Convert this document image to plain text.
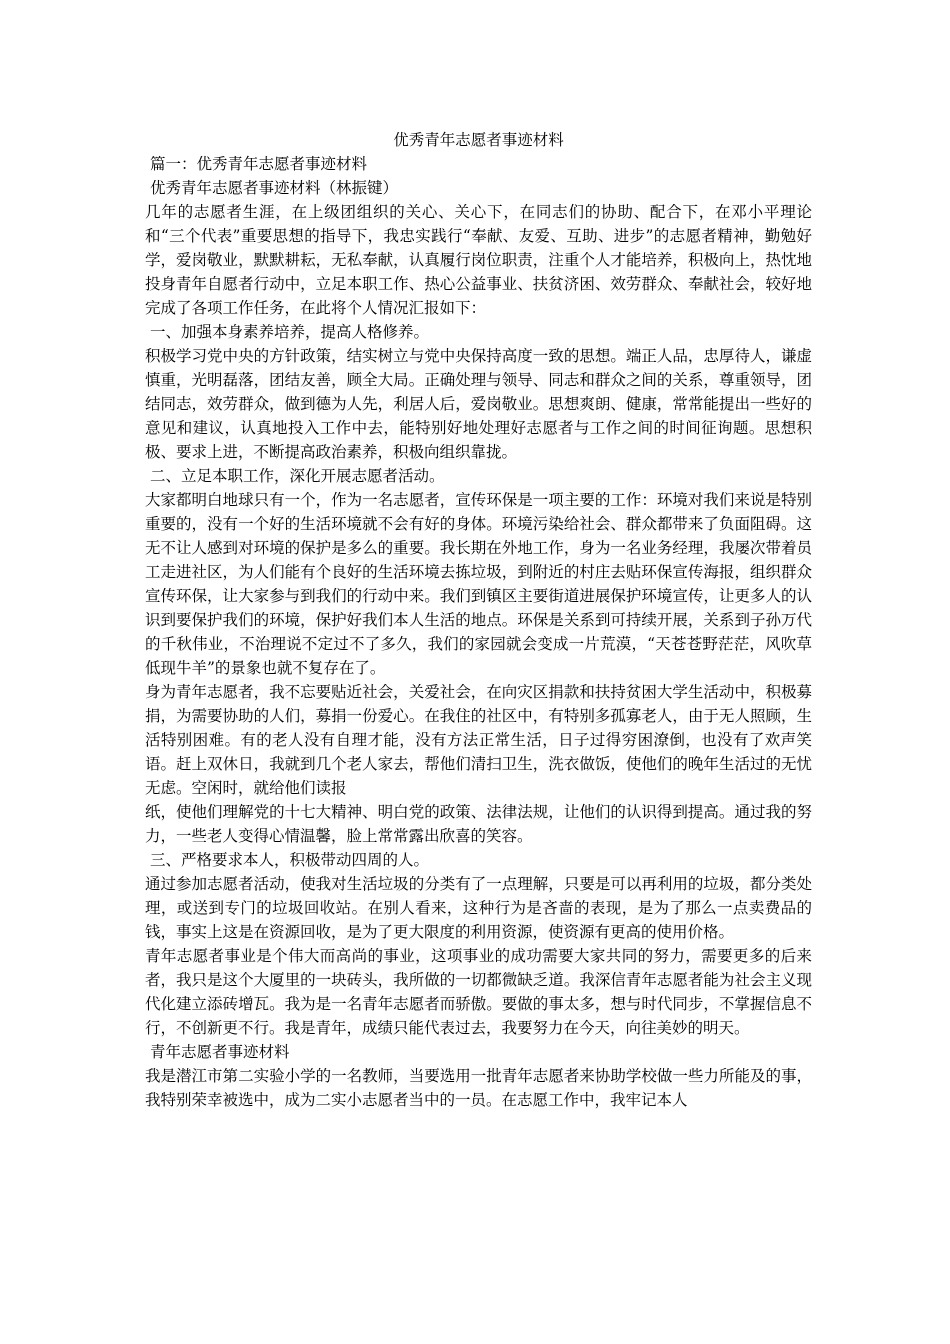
优秀青年志愿者事迹材料
篇一：优秀青年志愿者事迹材料
优秀青年志愿者事迹材料（林振键）

几年的志愿者生涯，在上级团组织的关心、关心下，在同志们的协助、配合下，在邓小平理论和“三个代表”重要思想的指导下，我忠实践行“奉献、友爱、互助、进步”的志愿者精神，勤勉好学，爱岗敬业，默默耕耘，无私奉献，认真履行岗位职责，注重个人才能培养，积极向上，热忱地投身青年自愿者行动中，立足本职工作、热心公益事业、扶贫济困、效劳群众、奉献社会，较好地完成了各项工作任务，在此将个人情况汇报如下：

一、加强本身素养培养，提高人格修养。

积极学习党中央的方针政策，结实树立与党中央保持高度一致的思想。端正人品，忠厚待人，谦虚慎重，光明磊落，团结友善，顾全大局。正确处理与领导、同志和群众之间的关系，尊重领导，团结同志，效劳群众，做到德为人先，利居人后，爱岗敬业。思想爽朗、健康，常常能提出一些好的意见和建议，认真地投入工作中去，能特别好地处理好志愿者与工作之间的时间征询题。思想积极、要求上进，不断提高政治素养，积极向组织靠拢。

二、立足本职工作，深化开展志愿者活动。

大家都明白地球只有一个，作为一名志愿者，宣传环保是一项主要的工作：环境对我们来说是特别重要的，没有一个好的生活环境就不会有好的身体。环境污染给社会、群众都带来了负面阻碍。这无不让人感到对环境的保护是多么的重要。我长期在外地工作，身为一名业务经理，我屡次带着员工走进社区，为人们能有个良好的生活环境去拣垃圾，到附近的村庄去贴环保宣传海报，组织群众宣传环保，让大家参与到我们的行动中来。我们到镇区主要街道进展保护环境宣传，让更多人的认识到要保护我们的环境，保护好我们本人生活的地点。环保是关系到可持续开展，关系到子孙万代的千秋伟业，不治理说不定过不了多久，我们的家园就会变成一片荒漠，“天苍苍野茫茫，风吹草低现牛羊”的景象也就不复存在了。

身为青年志愿者，我不忘要贴近社会，关爱社会，在向灾区捐款和扶持贫困大学生活动中，积极募捐，为需要协助的人们，募捐一份爱心。在我住的社区中，有特别多孤寡老人，由于无人照顾，生活特别困难。有的老人没有自理才能，没有方法正常生活，日子过得穷困潦倒，也没有了欢声笑语。赶上双休日，我就到几个老人家去，帮他们清扫卫生，洗衣做饭，使他们的晚年生活过的无忧无虑。空闲时，就给他们读报

纸，使他们理解党的十七大精神、明白党的政策、法律法规，让他们的认识得到提高。通过我的努力，一些老人变得心情温馨，脸上常常露出欣喜的笑容。

三、严格要求本人，积极带动四周的人。

通过参加志愿者活动，使我对生活垃圾的分类有了一点理解，只要是可以再利用的垃圾，都分类处理，或送到专门的垃圾回收站。在别人看来，这种行为是吝啬的表现，是为了那么一点卖费品的钱，事实上这是在资源回收，是为了更大限度的利用资源，使资源有更高的使用价格。

青年志愿者事业是个伟大而高尚的事业，这项事业的成功需要大家共同的努力，需要更多的后来者，我只是这个大厦里的一块砖头，我所做的一切都微缺乏道。我深信青年志愿者能为社会主义现代化建立添砖增瓦。我为是一名青年志愿者而骄傲。要做的事太多，想与时代同步，不掌握信息不行，不创新更不行。我是青年，成绩只能代表过去，我要努力在今天，向往美妙的明天。

青年志愿者事迹材料

我是潜江市第二实验小学的一名教师，当要选用一批青年志愿者来协助学校做一些力所能及的事，我特别荣幸被选中，成为二实小志愿者当中的一员。在志愿工作中，我牢记本人
